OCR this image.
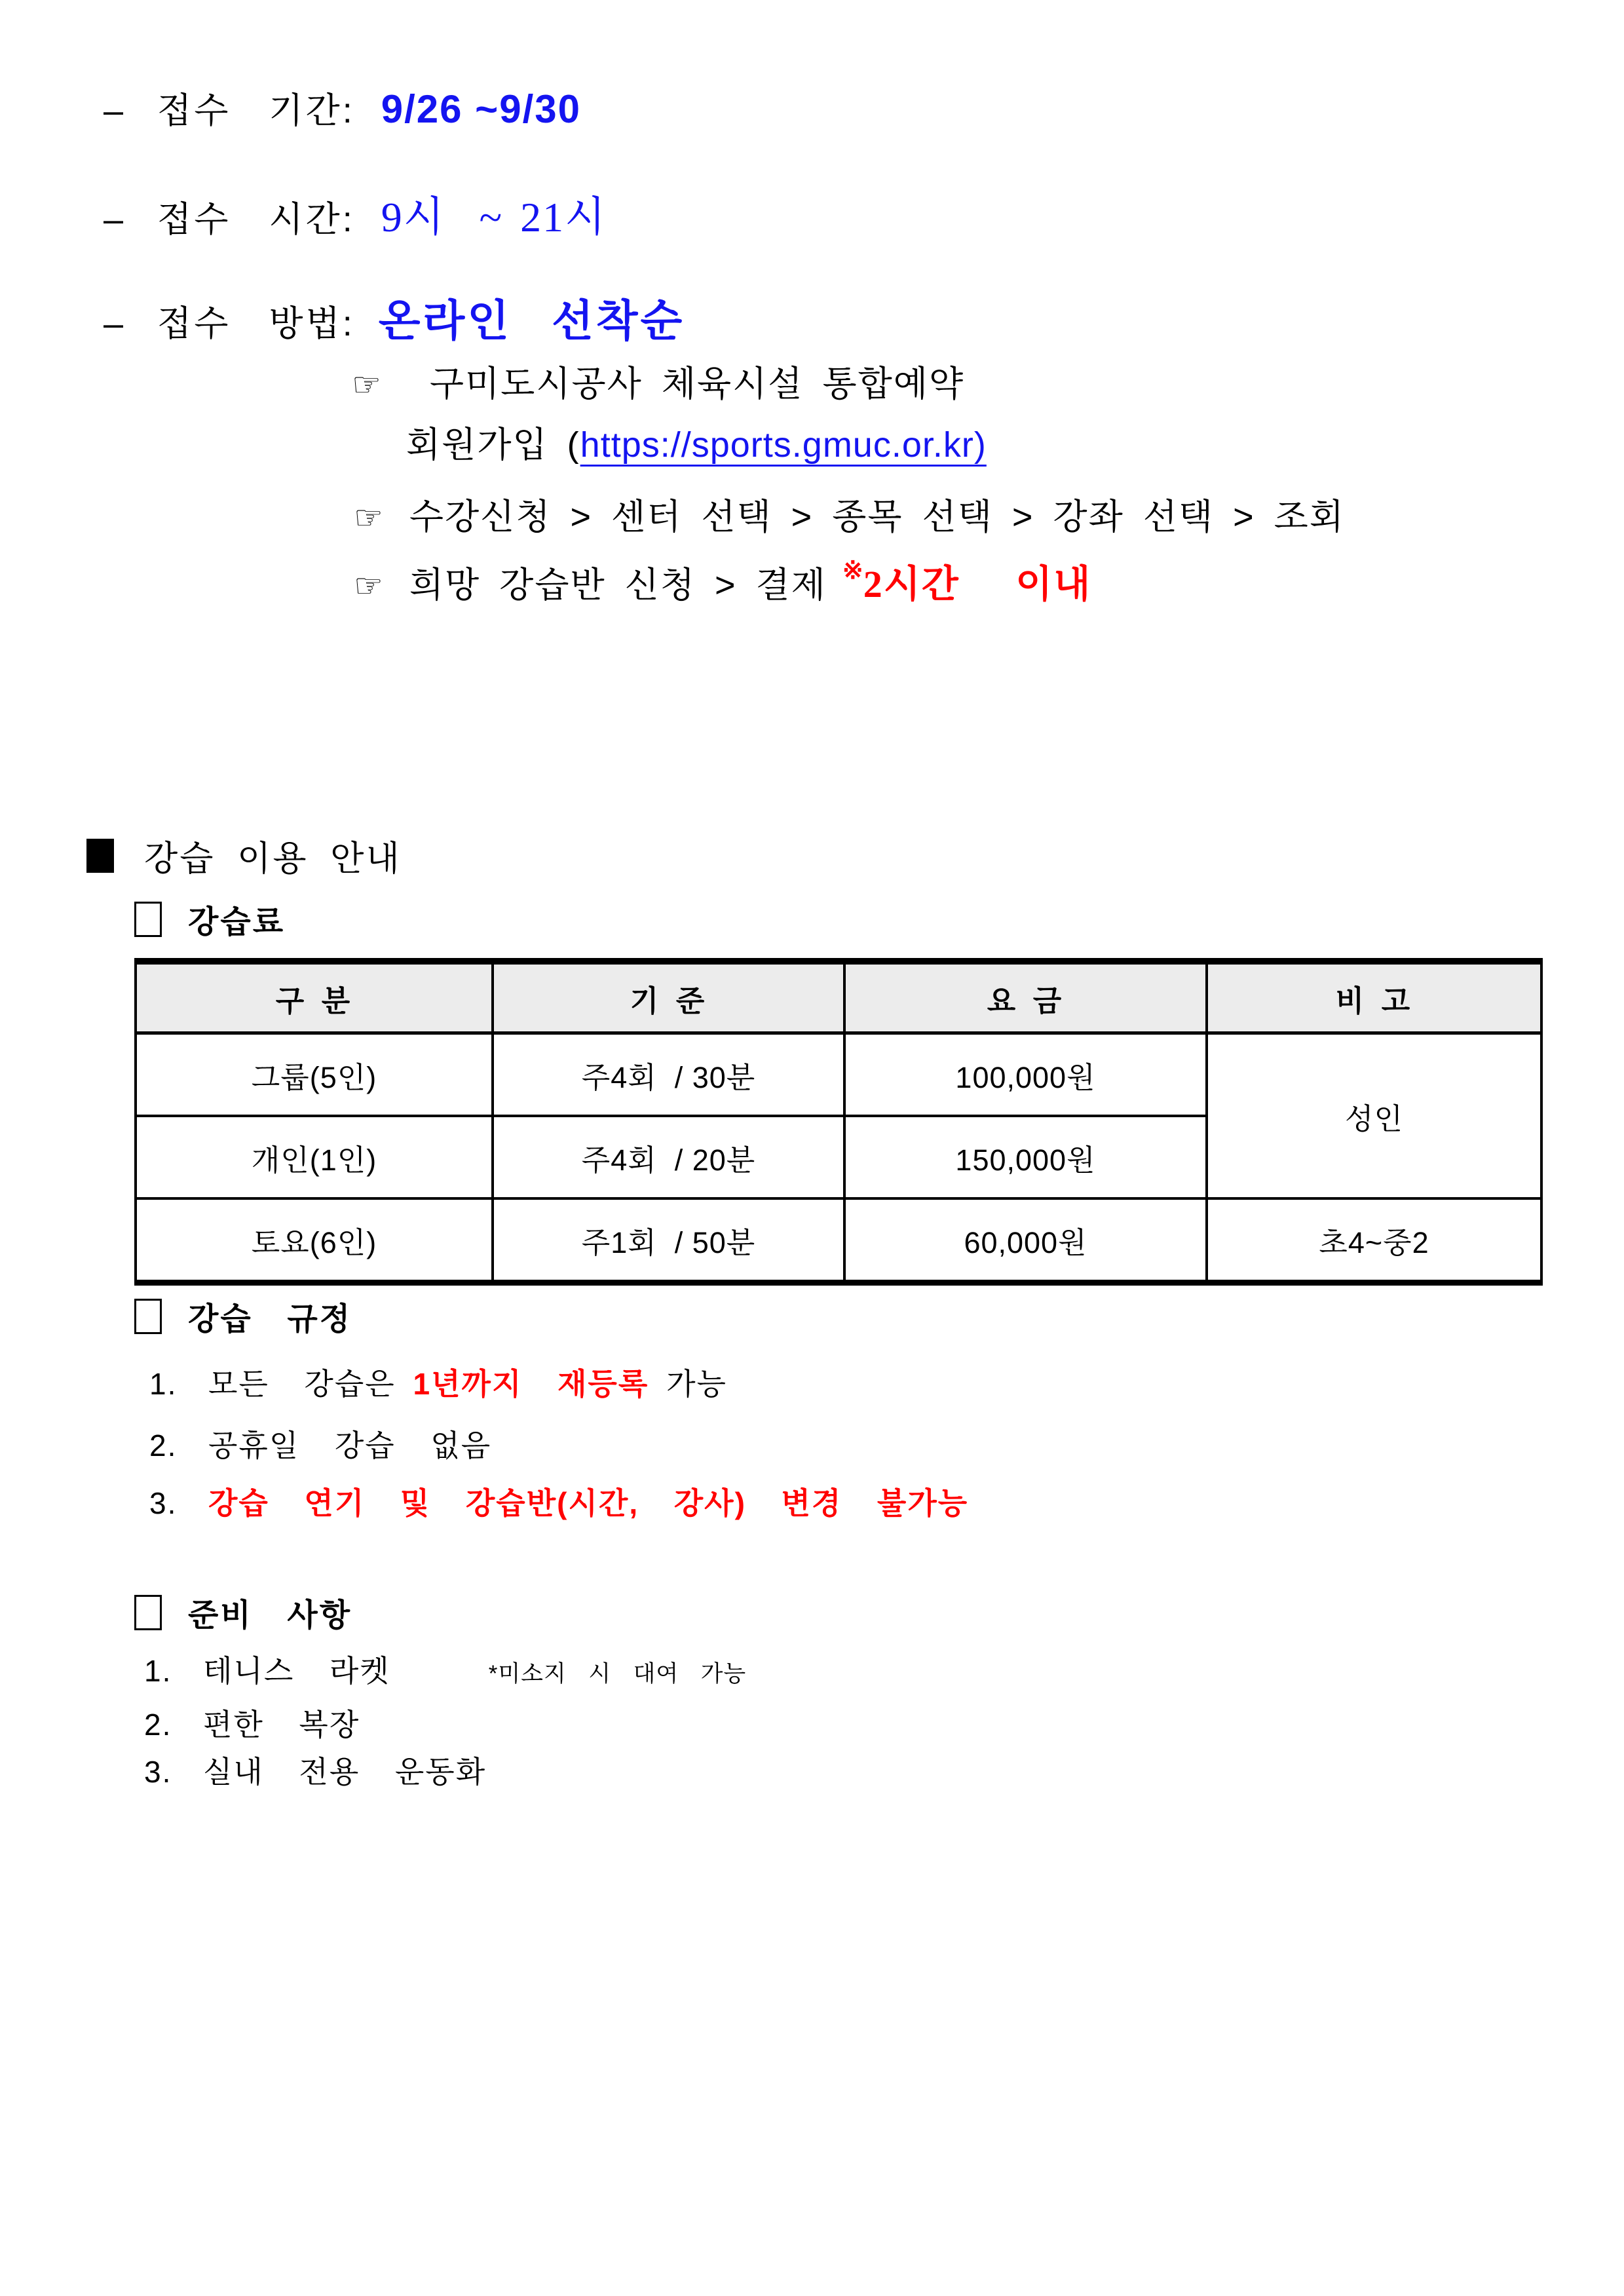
– 접수  기간: 9/26 ~9/30
– 접수  시간: 9시  ~ 21시
– 접수  방법: 온라인  선착순
☞ 구미도시공사 체육시설 통합예약
회원가입 ( https://sports.gmuc.or.kr)
☞ 수강신청 > 센터 선택 > 종목 선택 > 강좌 선택 > 조회
☞ 희망 강습반 신청 > 결제 ※ 2시간   이내
강습 이용 안내
강습료
구 분	기 준	요 금	비 고
그룹(5인)	주4회  / 30분	100,000원	성인
개인(1인)	주4회  / 20분	150,000원	
토요(6인)	주1회  / 50분	60,000원	초4~중2
강습  규정
1.	모든  강습은 1년까지  재등록 가능
2.	공휴일  강습  없음
3.	강습  연기  및  강습반(시간,  강사)  변경  불가능
준비  사항
1.	테니스  라켓	*미소지  시  대여  가능
2.	편한  복장
3.	실내  전용  운동화
